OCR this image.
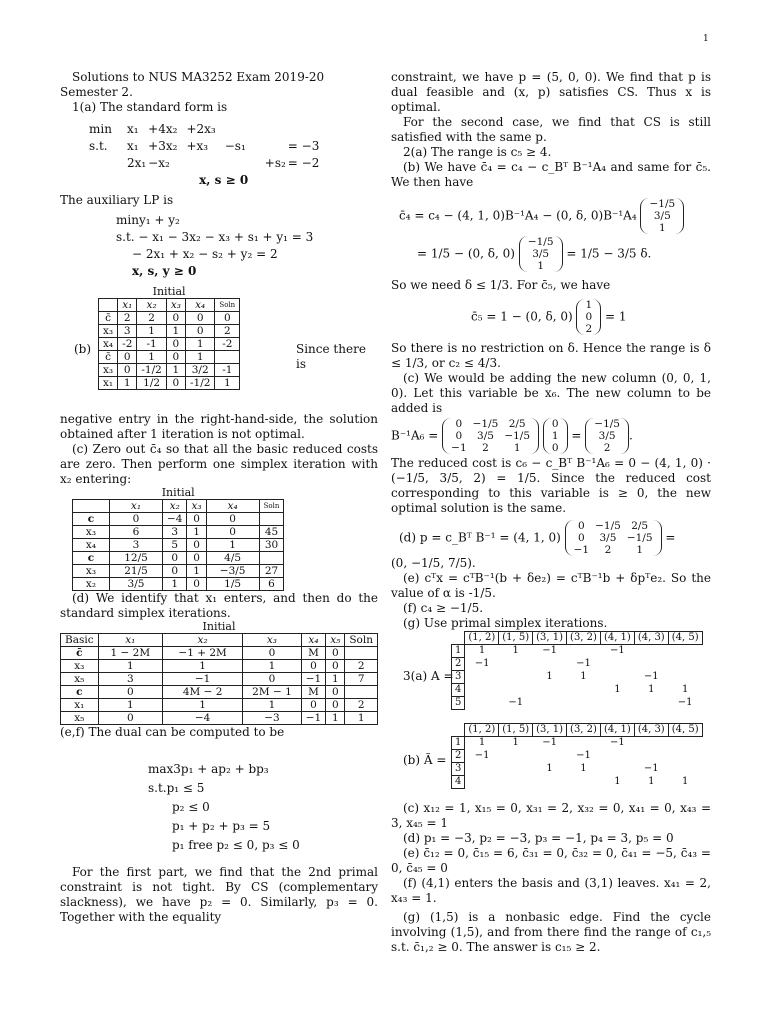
1

Solutions to NUS MA3252 Exam 2019-20 Semester 2.

1(a) The standard form is

min	x₁	+4x₂	+2x₃			
s.t.	x₁	+3x₂	+x₃	−s₁		= −3
	2x₁	−x₂			+s₂	= −2
x, s ≥ 0						

The auxiliary LP is

miny₁ + y₂
s.t. − x₁ − 3x₂ − x₃ + s₁ + y₁ = 3
− 2x₁ + x₂ − s₂ + y₂ = 2
x, s, y ≥ 0
(b)
Initial
	x₁	x₂	x₃	x₄	Soln
c̄	2	2	0	0	0
x₃	3	1	1	0	2
x₄	-2	-1	0	1	-2
c̄	0	1	0	1	
x₃	0	-1/2	1	3/2	-1
x₁	1	1/2	0	-1/2	1
Since there is

negative entry in the right-hand-side, the solution obtained after 1 iteration is not optimal.

(c) Zero out c̄₄ so that all the basic reduced costs are zero. Then perform one simplex iteration with x₂ entering:

Initial
	x₁	x₂	x₃	x₄	Soln
c	0	−4	0	0	
x₃	6	3	1	0	45
x₄	3	5	0	1	30
c	12/5	0	0	4/5	
x₃	21/5	0	1	−3/5	27
x₂	3/5	1	0	1/5	6

(d) We identify that x₁ enters, and then do the standard simplex iterations.

Initial
Basic	x₁	x₂	x₃	x₄	x₅	Soln
c̄	1 − 2M	−1 + 2M	0	M	0	
x₃	1	1	1	0	0	2
x₅	3	−1	0	−1	1	7
c	0	4M − 2	2M − 1	M	0	
x₁	1	1	1	0	0	2
x₅	0	−4	−3	−1	1	1

(e,f) The dual can be computed to be

max3p₁ + ap₂ + bp₃
s.t.p₁ ≤ 5
p₂ ≤ 0
p₁ + p₂ + p₃ = 5
p₁ free p₂ ≤ 0, p₃ ≤ 0

For the first part, we find that the 2nd primal constraint is not tight. By CS (complementary slackness), we have p₂ = 0. Similarly, p₃ = 0. Together with the equality

constraint, we have p = (5, 0, 0). We find that p is dual feasible and (x, p) satisfies CS. Thus x is optimal.

For the second case, we find that CS is still satisfied with the same p.

2(a) The range is c₅ ≥ 4.

(b) We have c̄₄ = c₄ − c_Bᵀ B⁻¹A₄ and same for c̄₅. We then have

c̄₄ = c₄ − (4, 1, 0)B⁻¹A₄ − (0, δ, 0)B⁻¹A₄
−1/5
3/5
1
= 1/5 − (0, δ, 0)
−1/5
3/5
1
= 1/5 − 3/5 δ.

So we need δ ≤ 1/3. For c̄₅, we have

c̄₅ = 1 − (0, δ, 0)
1
0
2
= 1

So there is no restriction on δ. Hence the range is δ ≤ 1/3, or c₂ ≤ 4/3.

(c) We would be adding the new column (0, 0, 1, 0). Let this variable be x₆. The new column to be added is

B⁻¹A₆ =
0	−1/5	2/5
0	3/5	−1/5
−1	2	1

0
1
0
=
−1/5
3/5
2
.

The reduced cost is c₆ − c_Bᵀ B⁻¹A₆ = 0 − (4, 1, 0) · (−1/5, 3/5, 2) = 1/5. Since the reduced cost corresponding to this variable is ≥ 0, the new optimal solution is the same.

(d) p = c_Bᵀ B⁻¹ = (4, 1, 0)
0	−1/5	2/5
0	3/5	−1/5
−1	2	1
=

(0, −1/5, 7/5).

(e) cᵀx = cᵀB⁻¹(b + δe₂) = cᵀB⁻¹b + δpᵀe₂. So the value of α is -1/5.

(f) c₄ ≥ −1/5.

(g) Use primal simplex iterations.

3(a) A =
	(1, 2)	(1, 5)	(3, 1)	(3, 2)	(4, 1)	(4, 3)	(4, 5)
1	1	1	−1		−1		
2	−1			−1			
3			1	1		−1	
4					1	1	1
5		−1					−1
(b) Ã =
	(1, 2)	(1, 5)	(3, 1)	(3, 2)	(4, 1)	(4, 3)	(4, 5)
1	1	1	−1		−1		
2	−1			−1			
3			1	1		−1	
4					1	1	1

(c) x₁₂ = 1, x₁₅ = 0, x₃₁ = 2, x₃₂ = 0, x₄₁ = 0, x₄₃ = 3, x₄₅ = 1

(d) p₁ = −3, p₂ = −3, p₃ = −1, p₄ = 3, p₅ = 0

(e) c̄₁₂ = 0, c̄₁₅ = 6, c̄₃₁ = 0, c̄₃₂ = 0, c̄₄₁ = −5, c̄₄₃ = 0, c̄₄₅ = 0

(f) (4,1) enters the basis and (3,1) leaves. x₄₁ = 2, x₄₃ = 1.

(g) (1,5) is a nonbasic edge. Find the cycle involving (1,5), and from there find the range of c₁,₅ s.t. c̄₁,₂ ≥ 0. The answer is c₁₅ ≥ 2.
